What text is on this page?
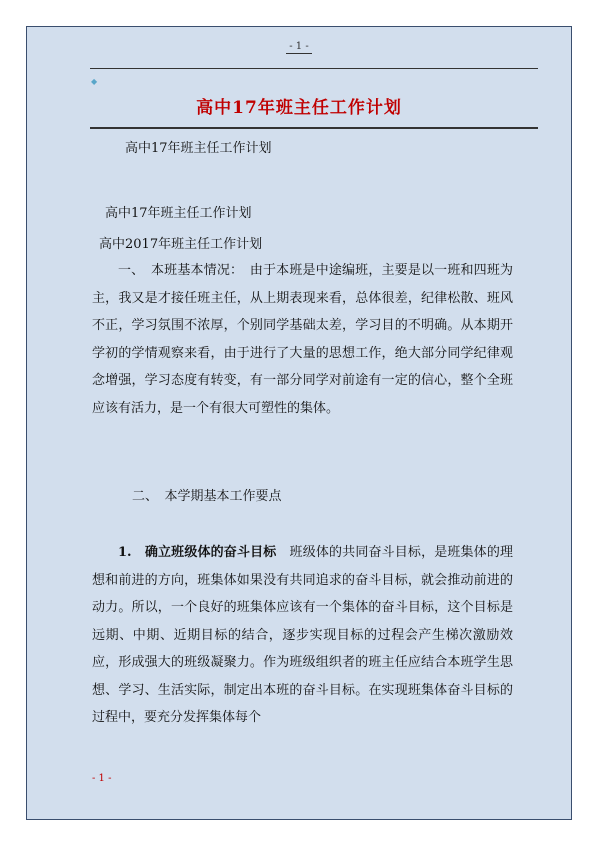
- 1 -
◆
高中17年班主任工作计划
高中17年班主任工作计划
高中17年班主任工作计划
高中2017年班主任工作计划
一、　本班基本情况：　由于本班是中途编班，主要是以一班和四班为主，我又是才接任班主任，从上期表现来看，总体很差，纪律松散、班风不正，学习氛围不浓厚，个别同学基础太差，学习目的不明确。从本期开学初的学情观察来看，由于进行了大量的思想工作，绝大部分同学纪律观念增强，学习态度有转变，有一部分同学对前途有一定的信心，整个全班应该有活力，是一个有很大可塑性的集体。
二、　本学期基本工作要点
1.　确立班级体的奋斗目标　班级体的共同奋斗目标，是班集体的理想和前进的方向，班集体如果没有共同追求的奋斗目标，就会推动前进的动力。所以，一个良好的班集体应该有一个集体的奋斗目标，这个目标是远期、中期、近期目标的结合，逐步实现目标的过程会产生梯次激励效应，形成强大的班级凝聚力。作为班级组织者的班主任应结合本班学生思想、学习、生活实际，制定出本班的奋斗目标。在实现班集体奋斗目标的过程中，要充分发挥集体每个
- 1 -
